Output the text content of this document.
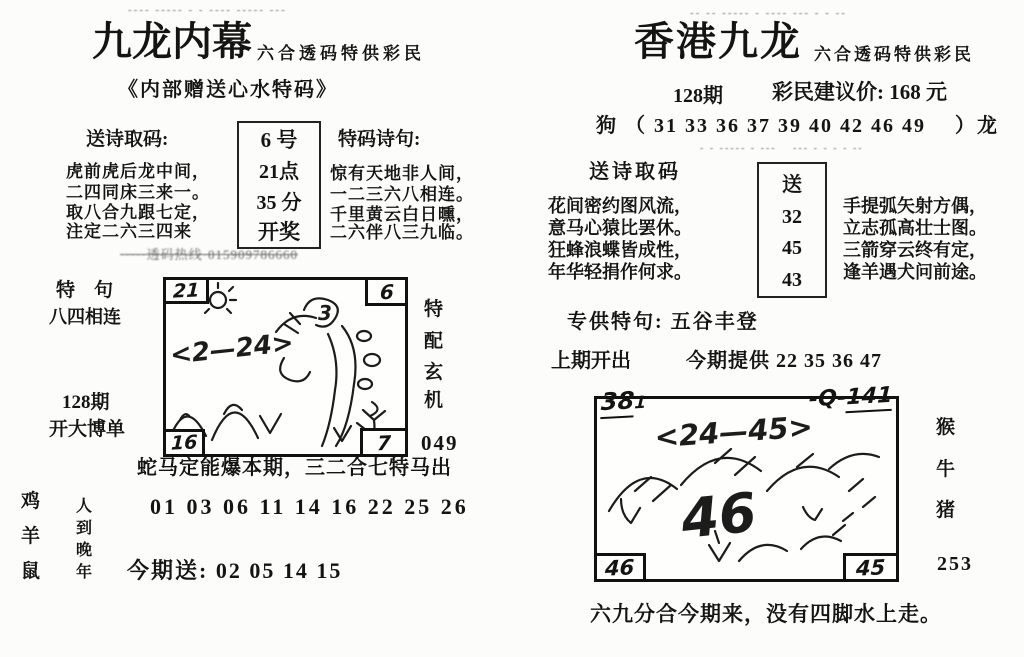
-‐-- ----- - - ---- --‐-- ---
九龙内幕 六合透码特供彩民
《内部赠送心水特码》
送诗取码:	特码诗句:
6 号
21点
35 分
开奖
虎前虎后龙中间，
二四同床三来一。
取八合九跟七定，
注定二六三四来
惊有天地非人间，
一二三六八相连。
千里黄云白日曛，
二六伴八三九临。
·····透码热线·015909786660
21	6
16	7
<2—24>
3
特　句
八四相连
128期
开大博单
特
配
玄
机
049
蛇马定能爆本期，三二合七特马出
01 03 06 11 14 16 22 25 26
今期送: 02 05 14 15
鸡
羊
鼠
人
到
晚
年
‐- -- -‐--- - ---- --- - - -‐
香港九龙 六合透码特供彩民
128期 彩民建议价: 168 元
狗 （ 31 33 36 37 39 40 42 46 49　 ）龙
‐ - ----- - ---　 --- - - - - -‐
送诗取码
花间密约图风流，
意马心猿比罢休。
狂蜂浪蝶皆成性，
年华轻捐作何求。
送
32
45
43
手提弧矢射方偶，
立志孤高壮士图。
三箭穿云终有定，
逢羊遇犬问前途。
专供特句: 五谷丰登
上期开出	今期提供 22 35 36 47
381	-Q-141
46	45
<24—45>
46
猴
牛
猪
253
六九分合今期来，没有四脚水上走。
